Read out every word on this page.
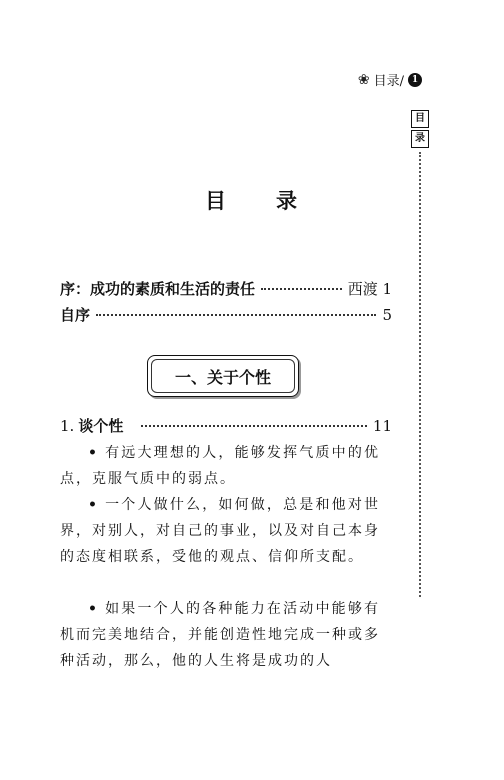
❀ 目录/ 1
目
录
目 录
序：成功的素质和生活的责任	西渡 1
自序	5
一、关于个性
1. 谈个性	11

• 有远大理想的人，能够发挥气质中的优点，克服气质中的弱点。

• 一个人做什么，如何做，总是和他对世界，对别人，对自己的事业，以及对自己本身的态度相联系，受他的观点、信仰所支配。

• 如果一个人的各种能力在活动中能够有机而完美地结合，并能创造性地完成一种或多种活动，那么，他的人生将是成功的人
